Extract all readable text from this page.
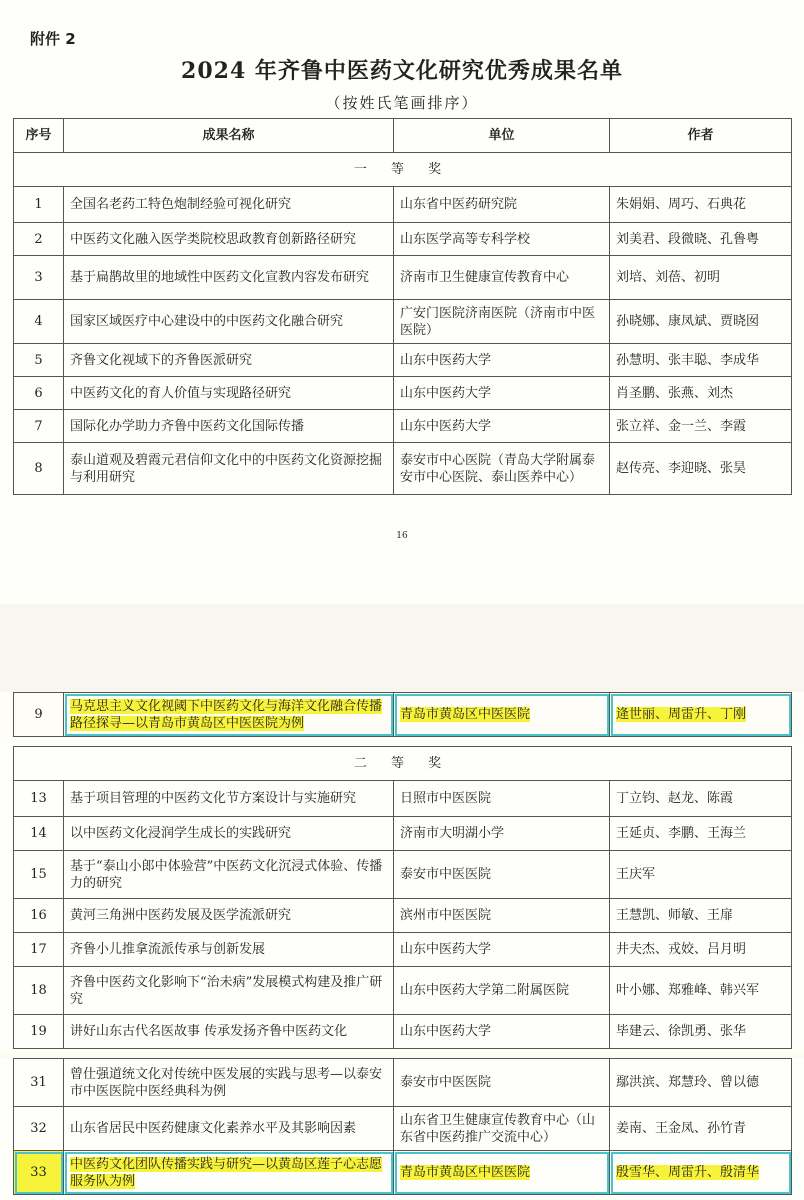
附件 2
2024 年齐鲁中医药文化研究优秀成果名单
（按姓氏笔画排序）
序号	成果名称	单位	作者
一 等 奖			
1	全国名老药工特色炮制经验可视化研究	山东省中医药研究院	朱娟娟、周巧、石典花
2	中医药文化融入医学类院校思政教育创新路径研究	山东医学高等专科学校	刘美君、段微晓、孔鲁粤
3	基于扁鹊故里的地域性中医药文化宣教内容发布研究	济南市卫生健康宣传教育中心	刘培、刘蓓、初明
4	国家区域医疗中心建设中的中医药文化融合研究	广安门医院济南医院（济南市中医医院）	孙晓娜、康凤斌、贾晓囡
5	齐鲁文化视域下的齐鲁医派研究	山东中医药大学	孙慧明、张丰聪、李成华
6	中医药文化的育人价值与实现路径研究	山东中医药大学	肖圣鹏、张燕、刘杰
7	国际化办学助力齐鲁中医药文化国际传播	山东中医药大学	张立祥、金一兰、李霞
8	泰山道观及碧霞元君信仰文化中的中医药文化资源挖掘与利用研究	泰安市中心医院（青岛大学附属泰安市中心医院、泰山医养中心）	赵传亮、李迎晓、张昊
16
9	马克思主义文化视阈下中医药文化与海洋文化融合传播路径探寻—以青岛市黄岛区中医医院为例	青岛市黄岛区中医医院	逄世丽、周雷升、丁刚
二 等 奖			
13	基于项目管理的中医药文化节方案设计与实施研究	日照市中医医院	丁立钧、赵龙、陈霞
14	以中医药文化浸润学生成长的实践研究	济南市大明湖小学	王延贞、李鹏、王海兰
15	基于“泰山小郎中体验营”中医药文化沉浸式体验、传播力的研究	泰安市中医医院	王庆军
16	黄河三角洲中医药发展及医学流派研究	滨州市中医医院	王慧凯、师敏、王扉
17	齐鲁小儿推拿流派传承与创新发展	山东中医药大学	井夫杰、戎姣、吕月明
18	齐鲁中医药文化影响下“治未病”发展模式构建及推广研究	山东中医药大学第二附属医院	叶小娜、郑雅峰、韩兴军
19	讲好山东古代名医故事 传承发扬齐鲁中医药文化	山东中医药大学	毕建云、徐凯勇、张华
31	曾仕强道统文化对传统中医发展的实践与思考—以泰安市中医医院中医经典科为例	泰安市中医医院	鄢洪滨、郑慧玲、曾以德
32	山东省居民中医药健康文化素养水平及其影响因素	山东省卫生健康宣传教育中心（山东省中医药推广交流中心）	姜南、王金凤、孙竹青
33	中医药文化团队传播实践与研究—以黄岛区莲子心志愿服务队为例	青岛市黄岛区中医医院	殷雪华、周雷升、殷清华
